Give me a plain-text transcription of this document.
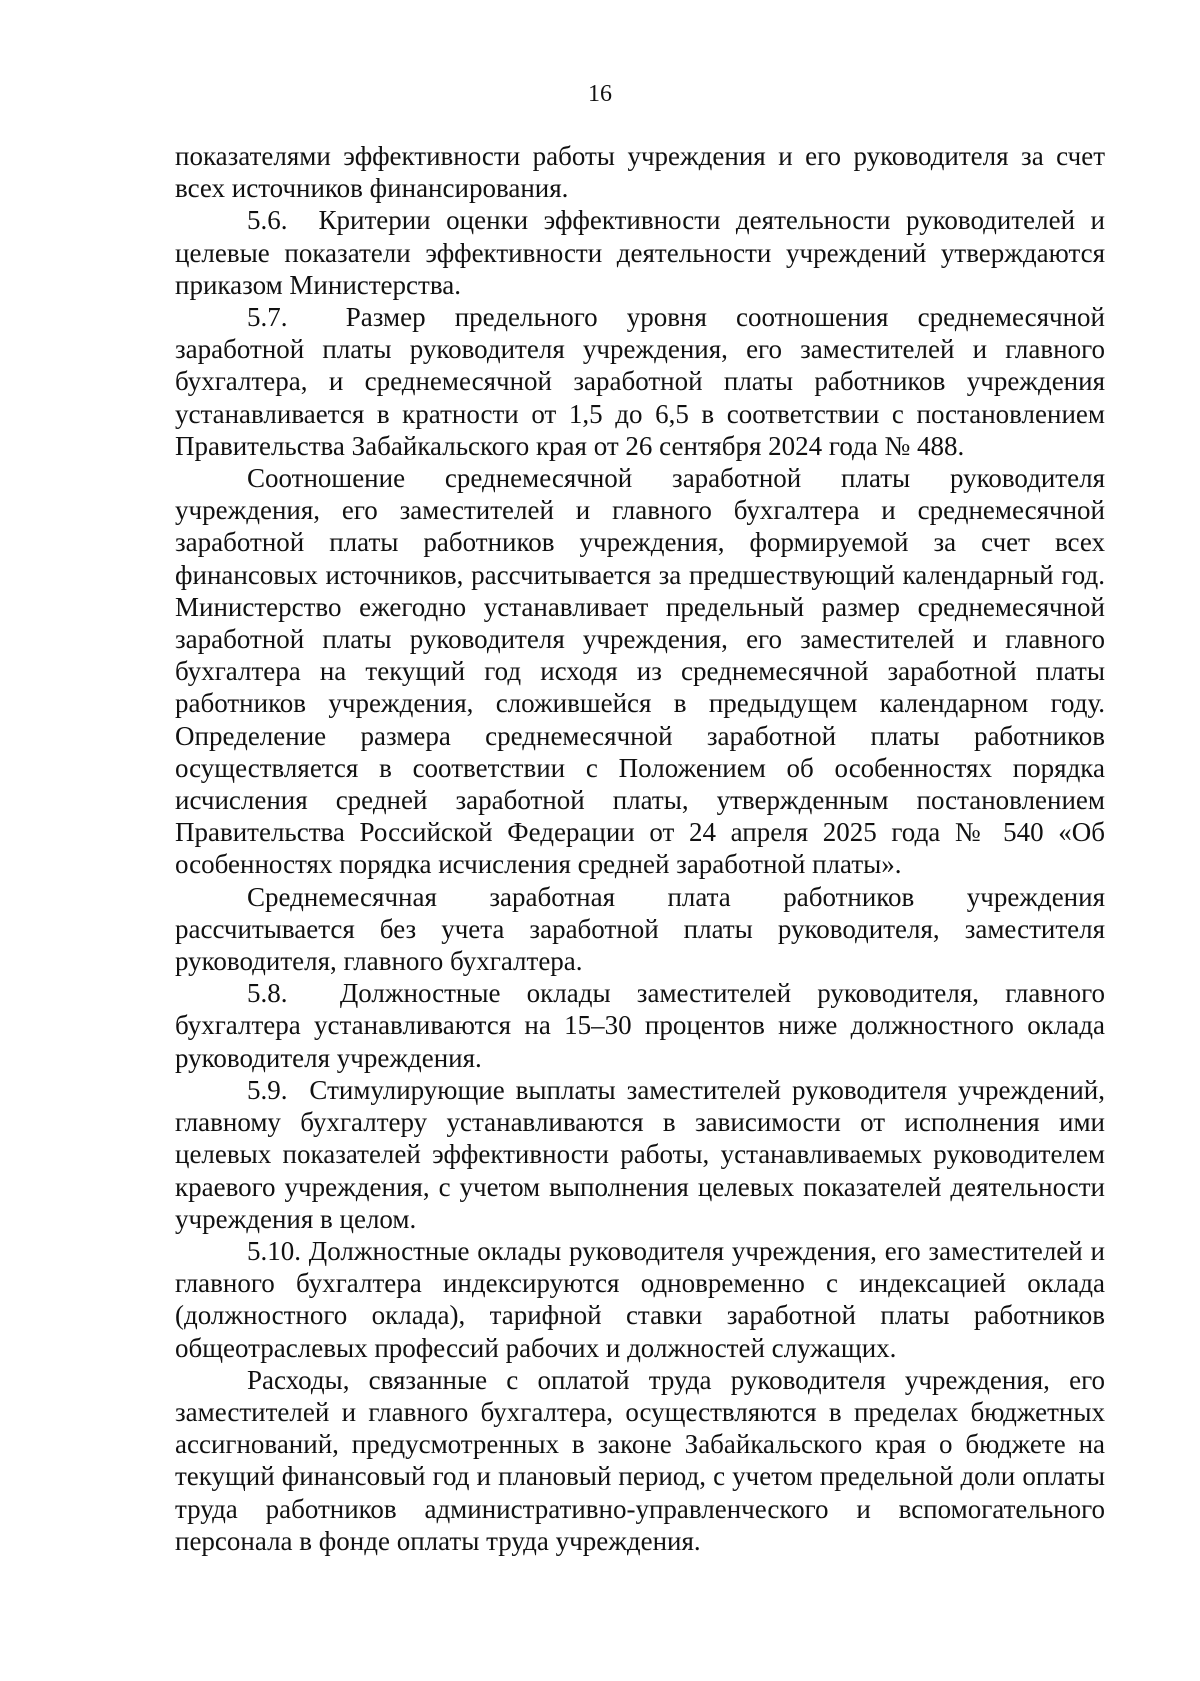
16

показателями эффективности работы учреждения и его руководителя за счет всех источников финансирования.

5.6.  Критерии оценки эффективности деятельности руководителей и целевые показатели эффективности деятельности учреждений утверждаются приказом Министерства.

5.7.  Размер предельного уровня соотношения среднемесячной заработной платы руководителя учреждения, его заместителей и главного бухгалтера, и среднемесячной заработной платы работников учреждения устанавливается в кратности от 1,5 до 6,5 в соответствии с постановлением Правительства Забайкальского края от 26 сентября 2024 года № 488.

Соотношение среднемесячной заработной платы руководителя учреждения, его заместителей и главного бухгалтера и среднемесячной заработной платы работников учреждения, формируемой за счет всех финансовых источников, рассчитывается за предшествующий календарный год. Министерство ежегодно устанавливает предельный размер среднемесячной заработной платы руководителя учреждения, его заместителей и главного бухгалтера на текущий год исходя из среднемесячной заработной платы работников учреждения, сложившейся в предыдущем календарном году. Определение размера среднемесячной заработной платы работников осуществляется в соответствии с Положением об особенностях порядка исчисления средней заработной платы, утвержденным постановлением Правительства Российской Федерации от 24 апреля 2025 года № 540 «Об особенностях порядка исчисления средней заработной платы».

Среднемесячная заработная плата работников учреждения рассчитывается без учета заработной платы руководителя, заместителя руководителя, главного бухгалтера.

5.8.  Должностные оклады заместителей руководителя, главного бухгалтера устанавливаются на 15–30 процентов ниже должностного оклада руководителя учреждения.

5.9.  Стимулирующие выплаты заместителей руководителя учреждений, главному бухгалтеру устанавливаются в зависимости от исполнения ими целевых показателей эффективности работы, устанавливаемых руководителем краевого учреждения, с учетом выполнения целевых показателей деятельности учреждения в целом.

5.10. Должностные оклады руководителя учреждения, его заместителей и главного бухгалтера индексируются одновременно с индексацией оклада (должностного оклада), тарифной ставки заработной платы работников общеотраслевых профессий рабочих и должностей служащих.

Расходы, связанные с оплатой труда руководителя учреждения, его заместителей и главного бухгалтера, осуществляются в пределах бюджетных ассигнований, предусмотренных в законе Забайкальского края о бюджете на текущий финансовый год и плановый период, с учетом предельной доли оплаты труда работников административно-управленческого и вспомогательного персонала в фонде оплаты труда учреждения.
